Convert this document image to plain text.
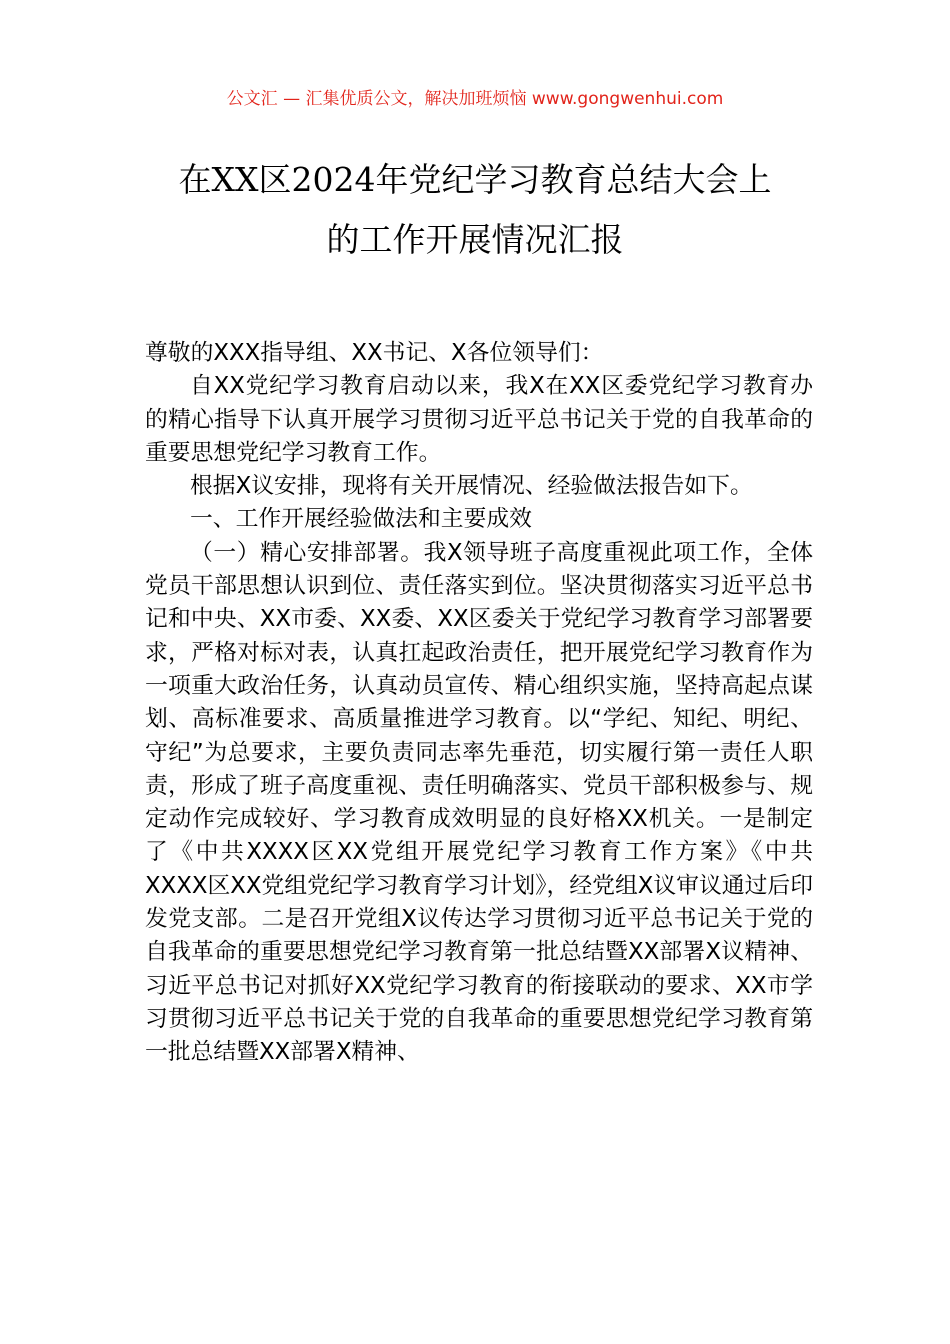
公文汇 — 汇集优质公文，解决加班烦恼 www.gongwenhui.com
在XX区2024年党纪学习教育总结大会上
的工作开展情况汇报

尊敬的XXX指导组、XX书记、X各位领导们：

自XX党纪学习教育启动以来，我X在XX区委党纪学习教育办的精心指导下认真开展学习贯彻习近平总书记关于党的自我革命的重要思想党纪学习教育工作。

根据X议安排，现将有关开展情况、经验做法报告如下。

一、工作开展经验做法和主要成效

（一）精心安排部署。我X领导班子高度重视此项工作，全体党员干部思想认识到位、责任落实到位。坚决贯彻落实习近平总书记和中央、XX市委、XX委、XX区委关于党纪学习教育学习部署要求，严格对标对表，认真扛起政治责任，把开展党纪学习教育作为一项重大政治任务，认真动员宣传、精心组织实施，坚持高起点谋划、高标准要求、高质量推进学习教育。以“学纪、知纪、明纪、守纪”为总要求，主要负责同志率先垂范，切实履行第一责任人职责，形成了班子高度重视、责任明确落实、党员干部积极参与、规定动作完成较好、学习教育成效明显的良好格XX机关。一是制定了《中共XXXX区XX党组开展党纪学习教育工作方案》《中共XXXX区XX党组党纪学习教育学习计划》，经党组X议审议通过后印发党支部。二是召开党组X议传达学习贯彻习近平总书记关于党的自我革命的重要思想党纪学习教育第一批总结暨XX部署X议精神、习近平总书记对抓好XX党纪学习教育的衔接联动的要求、XX市学习贯彻习近平总书记关于党的自我革命的重要思想党纪学习教育第一批总结暨XX部署X精神、
